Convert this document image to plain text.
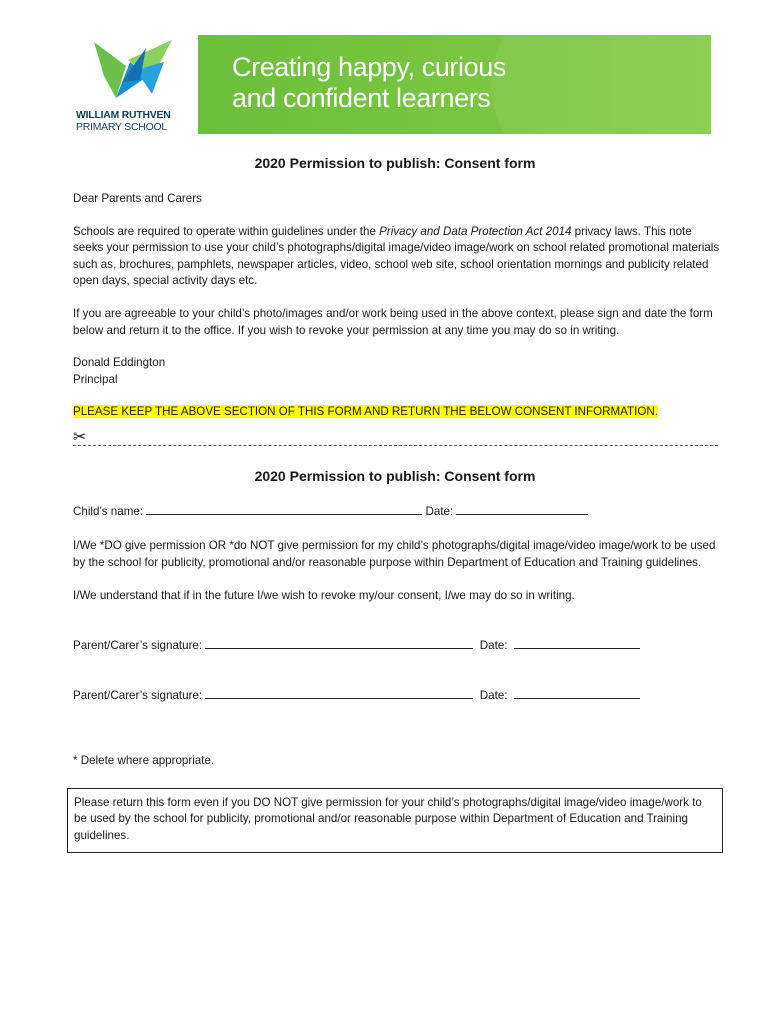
WILLIAM RUTHVEN
PRIMARY SCHOOL
Creating happy, curious
and confident learners

2020 Permission to publish: Consent form

Dear Parents and Carers

Schools are required to operate within guidelines under the Privacy and Data Protection Act 2014 privacy laws. This note seeks your permission to use your child’s photographs/digital image/video image/work on school related promotional materials such as, brochures, pamphlets, newspaper articles, video, school web site, school orientation mornings and publicity related open days, special activity days etc.

If you are agreeable to your child’s photo/images and/or work being used in the above context, please sign and date the form below and return it to the office. If you wish to revoke your permission at any time you may do so in writing.

Donald Eddington
Principal

PLEASE KEEP THE ABOVE SECTION OF THIS FORM AND RETURN THE BELOW CONSENT INFORMATION.

✂

2020 Permission to publish: Consent form

Child’s name:	Date:

I/We *DO give permission OR *do NOT give permission for my child’s photographs/digital image/video image/work to be used by the school for publicity, promotional and/or reasonable purpose within Department of Education and Training guidelines.

I/We understand that if in the future I/we wish to revoke my/our consent, I/we may do so in writing.

Parent/Carer’s signature:	Date:

Parent/Carer’s signature:	Date:

* Delete where appropriate.

Please return this form even if you DO NOT give permission for your child’s photographs/digital image/video image/work to be used by the school for publicity, promotional and/or reasonable purpose within Department of Education and Training guidelines.
